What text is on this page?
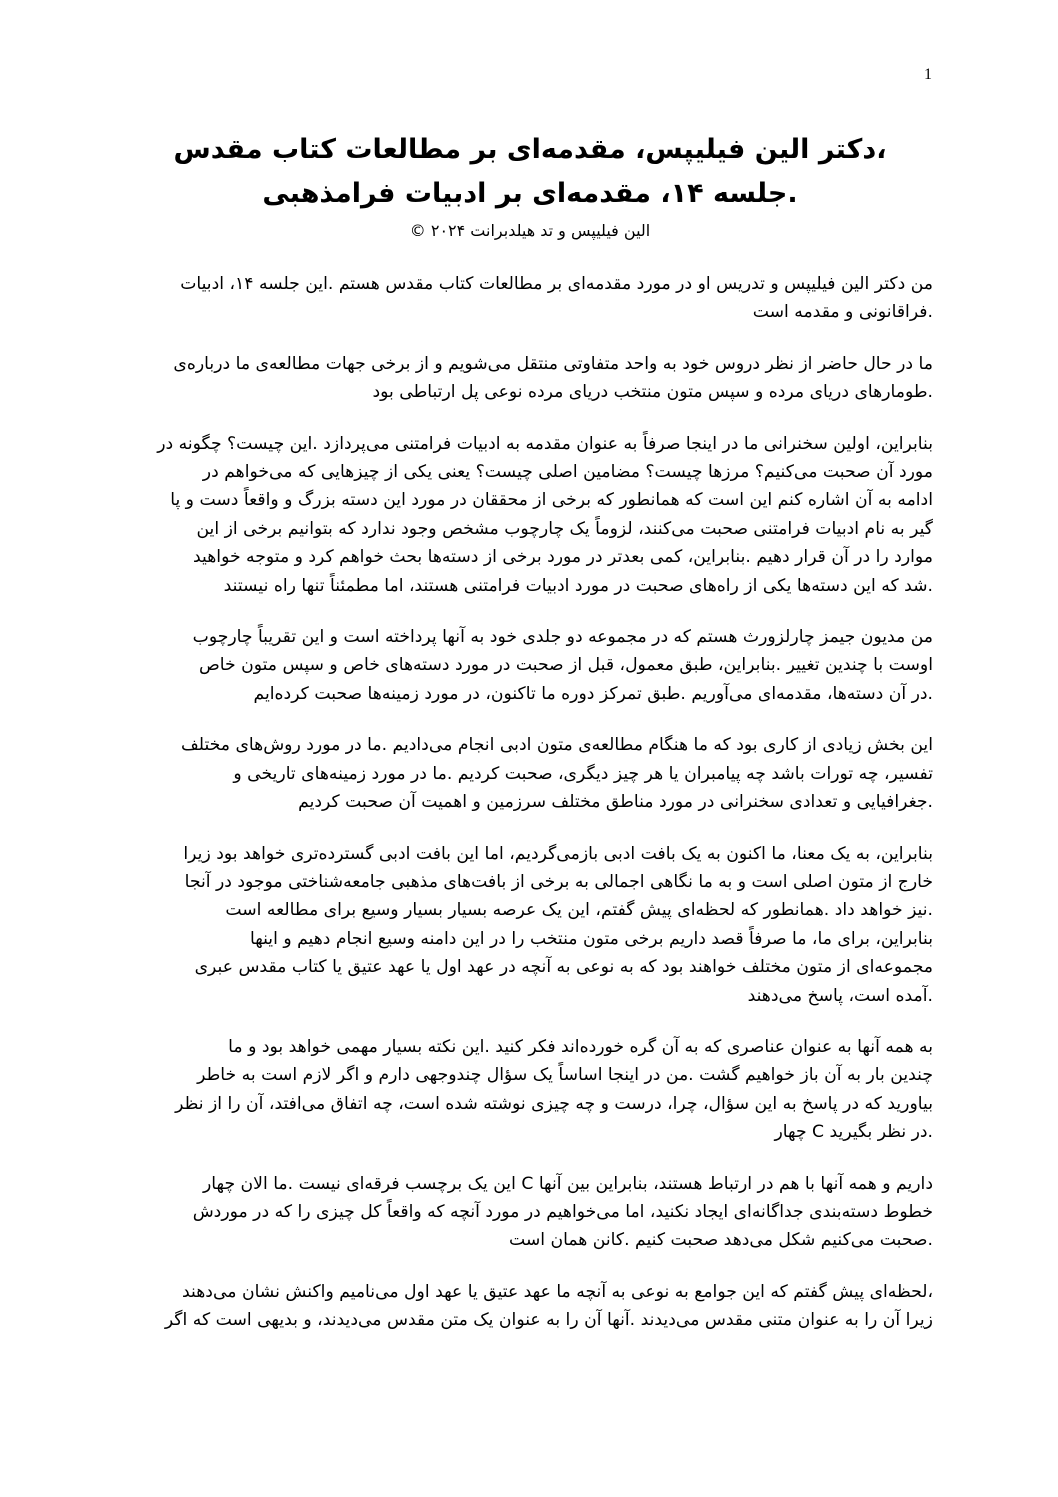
1
،دکتر الین فیلیپس، مقدمه‌ای بر مطالعات کتاب مقدس
.جلسه ۱۴، مقدمه‌ای بر ادبیات فرامذهبی
الین فیلیپس و تد هیلدبرانت ۲۰۲۴ ©

من دکتر الین فیلیپس و تدریس او در مورد مقدمه‌ای بر مطالعات کتاب مقدس هستم .این جلسه ۱۴، ادبیات
.فراقانونی و مقدمه است

ما در حال حاضر از نظر دروس خود به واحد متفاوتی منتقل می‌شویم و از برخی جهات مطالعه‌ی ما درباره‌ی
.طومارهای دریای مرده و سپس متون منتخب دریای مرده نوعی پل ارتباطی بود

بنابراین، اولین سخنرانی ما در اینجا صرفاً به عنوان مقدمه به ادبیات فرامتنی می‌پردازد .این چیست؟ چگونه در
مورد آن صحبت می‌کنیم؟ مرزها چیست؟ مضامین اصلی چیست؟ یعنی یکی از چیزهایی که می‌خواهم در
ادامه به آن اشاره کنم این است که همانطور که برخی از محققان در مورد این دسته بزرگ و واقعاً دست و پا
گیر به نام ادبیات فرامتنی صحبت می‌کنند، لزوماً یک چارچوب مشخص وجود ندارد که بتوانیم برخی از این
موارد را در آن قرار دهیم .بنابراین، کمی بعدتر در مورد برخی از دسته‌ها بحث خواهم کرد و متوجه خواهید
.شد که این دسته‌ها یکی از راه‌های صحبت در مورد ادبیات فرامتنی هستند، اما مطمئناً تنها راه نیستند

من مدیون جیمز چارلزورث هستم که در مجموعه دو جلدی خود به آنها پرداخته است و این تقریباً چارچوب
اوست با چندین تغییر .بنابراین، طبق معمول، قبل از صحبت در مورد دسته‌های خاص و سپس متون خاص
.در آن دسته‌ها، مقدمه‌ای می‌آوریم .طبق تمرکز دوره ما تاکنون، در مورد زمینه‌ها صحبت کرده‌ایم

این بخش زیادی از کاری بود که ما هنگام مطالعه‌ی متون ادبی انجام می‌دادیم .ما در مورد روش‌های مختلف
تفسیر، چه تورات باشد چه پیامبران یا هر چیز دیگری، صحبت کردیم .ما در مورد زمینه‌های تاریخی و
.جغرافیایی و تعدادی سخنرانی در مورد مناطق مختلف سرزمین و اهمیت آن صحبت کردیم

بنابراین، به یک معنا، ما اکنون به یک بافت ادبی بازمی‌گردیم، اما این بافت ادبی گسترده‌تری خواهد بود زیرا
خارج از متون اصلی است و به ما نگاهی اجمالی به برخی از بافت‌های مذهبی جامعه‌شناختی موجود در آنجا
.نیز خواهد داد .همانطور که لحظه‌ای پیش گفتم، این یک عرصه بسیار بسیار وسیع برای مطالعه است
بنابراین، برای ما، ما صرفاً قصد داریم برخی متون منتخب را در این دامنه وسیع انجام دهیم و اینها
مجموعه‌ای از متون مختلف خواهند بود که به نوعی به آنچه در عهد اول یا عهد عتیق یا کتاب مقدس عبری
.آمده است، پاسخ می‌دهند

به همه آنها به عنوان عناصری که به آن گره خورده‌اند فکر کنید .این نکته بسیار مهمی خواهد بود و ما
چندین بار به آن باز خواهیم گشت .من در اینجا اساساً یک سؤال چندوجهی دارم و اگر لازم است به خاطر
بیاورید که در پاسخ به این سؤال، چرا، درست و چه چیزی نوشته شده است، چه اتفاق می‌افتد، آن را از نظر
.در نظر بگیرید C چهار

داریم و همه آنها با هم در ارتباط هستند، بنابراین بین آنها C این یک برچسب فرقه‌ای نیست .ما الان چهار
خطوط دسته‌بندی جداگانه‌ای ایجاد نکنید، اما می‌خواهیم در مورد آنچه که واقعاً کل چیزی را که در موردش
.صحبت می‌کنیم شکل می‌دهد صحبت کنیم .کانن همان است

،لحظه‌ای پیش گفتم که این جوامع به نوعی به آنچه ما عهد عتیق یا عهد اول می‌نامیم واکنش نشان می‌دهند
زیرا آن را به عنوان متنی مقدس می‌دیدند .آنها آن را به عنوان یک متن مقدس می‌دیدند، و بدیهی است که اگر
